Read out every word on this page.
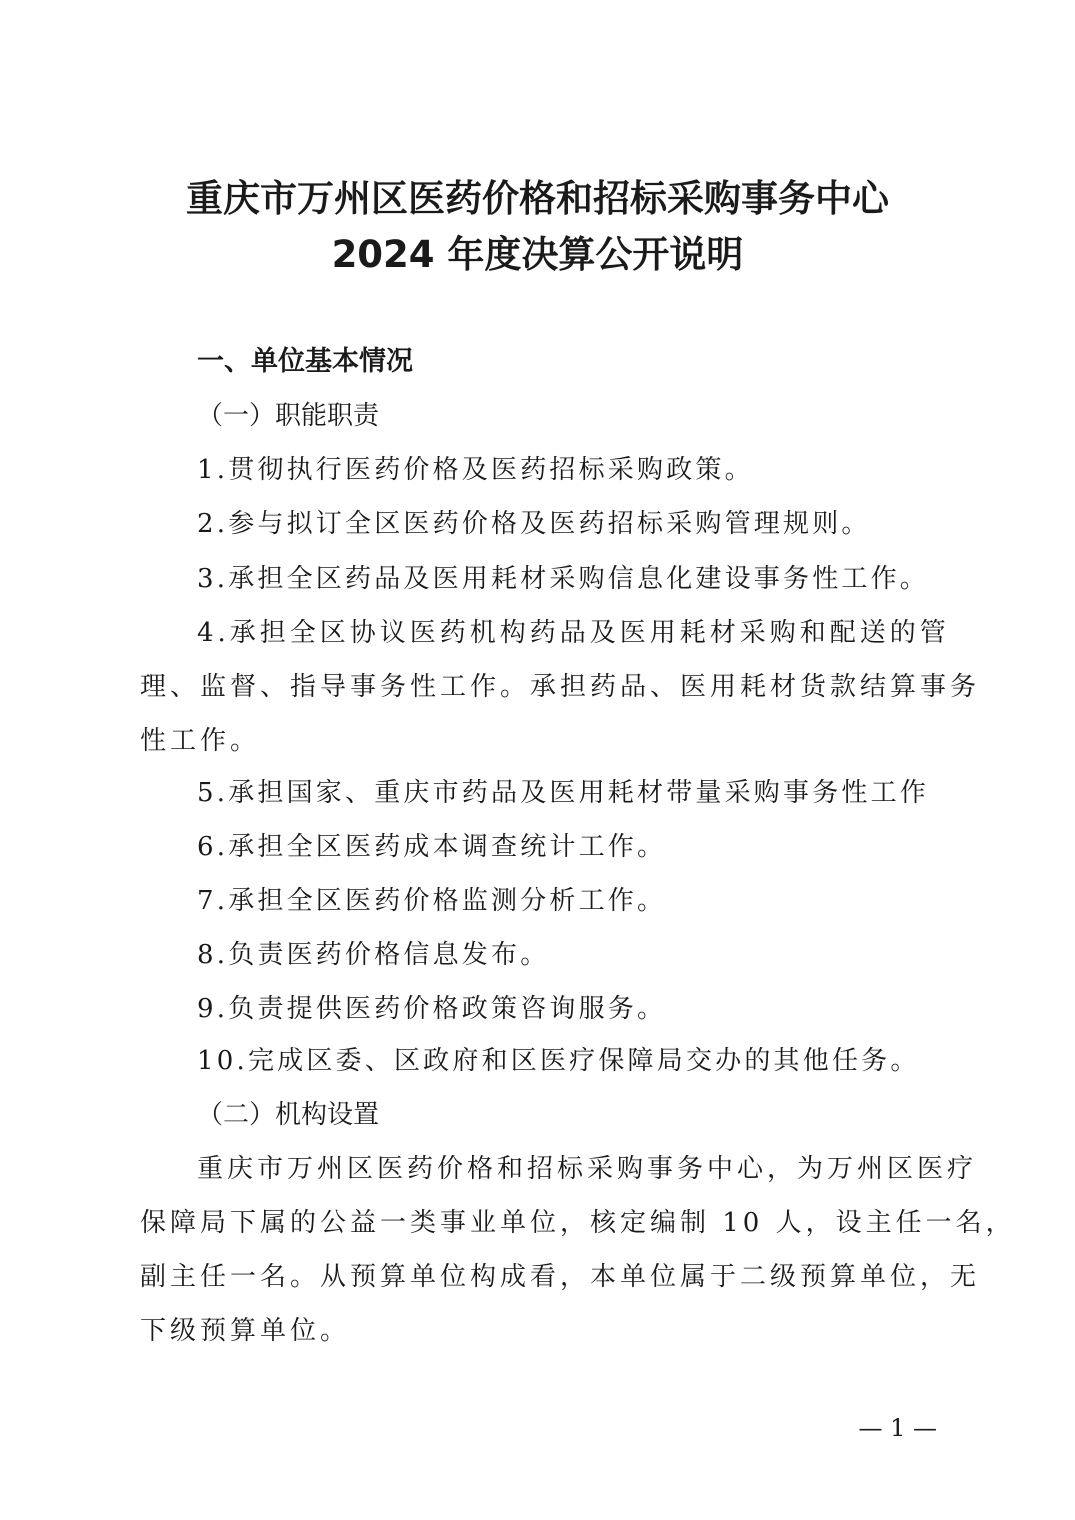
重庆市万州区医药价格和招标采购事务中心
2024 年度决算公开说明
一、单位基本情况
（一）职能职责
1.贯彻执行医药价格及医药招标采购政策。
2.参与拟订全区医药价格及医药招标采购管理规则。
3.承担全区药品及医用耗材采购信息化建设事务性工作。
4.承担全区协议医药机构药品及医用耗材采购和配送的管
理、监督、指导事务性工作。承担药品、医用耗材货款结算事务
性工作。
5.承担国家、重庆市药品及医用耗材带量采购事务性工作
6.承担全区医药成本调查统计工作。
7.承担全区医药价格监测分析工作。
8.负责医药价格信息发布。
9.负责提供医药价格政策咨询服务。
10.完成区委、区政府和区医疗保障局交办的其他任务。
（二）机构设置
重庆市万州区医药价格和招标采购事务中心，为万州区医疗
保障局下属的公益一类事业单位，核定编制 10 人，设主任一名，
副主任一名。从预算单位构成看，本单位属于二级预算单位，无
下级预算单位。
— 1 —
